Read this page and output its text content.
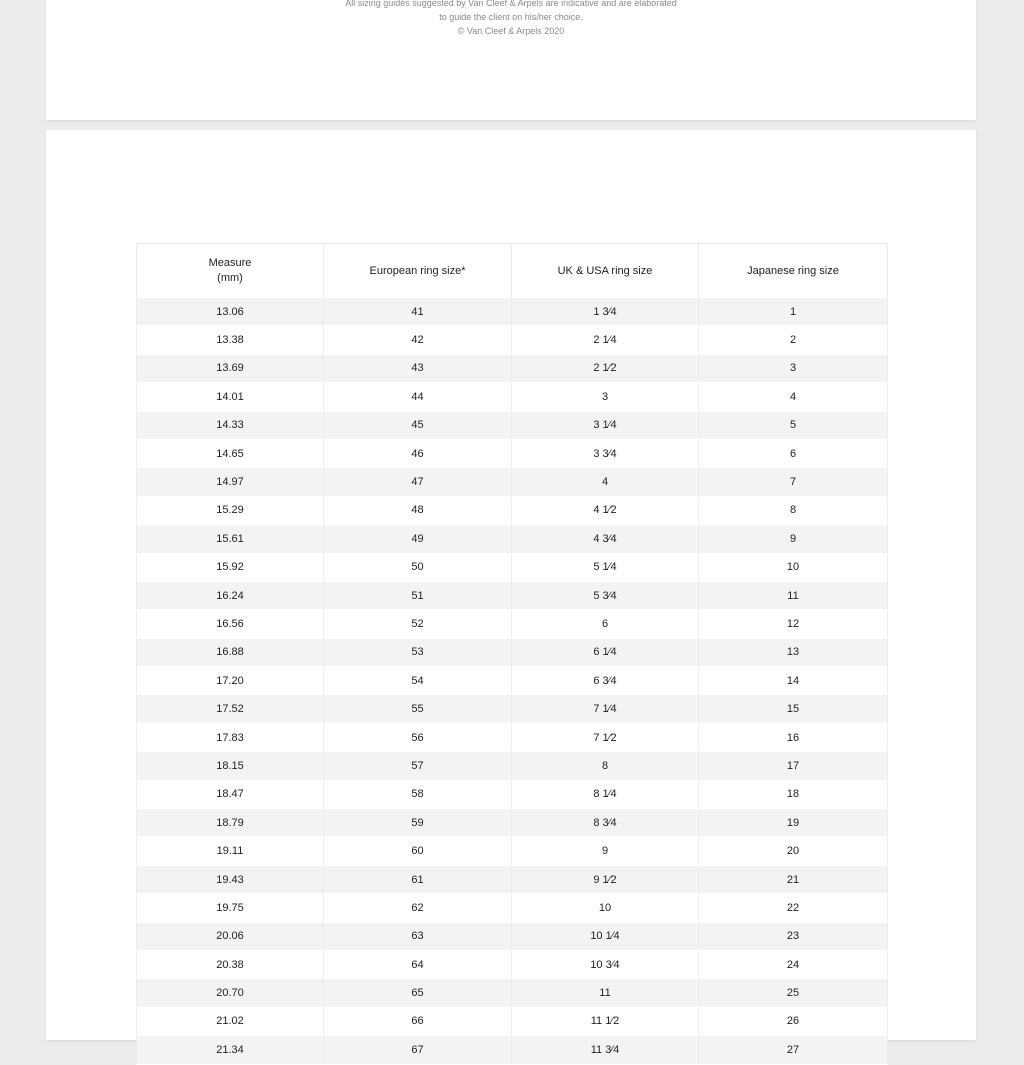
All sizing guides suggested by Van Cleef & Arpels are indicative and are elaborated
to guide the client on his/her choice.
© Van Cleef & Arpels 2020
Measure
(mm)	European ring size*	UK & USA ring size	Japanese ring size
13.06	41	1 3⁄4	1
13.38	42	2 1⁄4	2
13.69	43	2 1⁄2	3
14.01	44	3	4
14.33	45	3 1⁄4	5
14.65	46	3 3⁄4	6
14.97	47	4	7
15.29	48	4 1⁄2	8
15.61	49	4 3⁄4	9
15.92	50	5 1⁄4	10
16.24	51	5 3⁄4	11
16.56	52	6	12
16.88	53	6 1⁄4	13
17.20	54	6 3⁄4	14
17.52	55	7 1⁄4	15
17.83	56	7 1⁄2	16
18.15	57	8	17
18.47	58	8 1⁄4	18
18.79	59	8 3⁄4	19
19.11	60	9	20
19.43	61	9 1⁄2	21
19.75	62	10	22
20.06	63	10 1⁄4	23
20.38	64	10 3⁄4	24
20.70	65	11	25
21.02	66	11 1⁄2	26
21.34	67	11 3⁄4	27
